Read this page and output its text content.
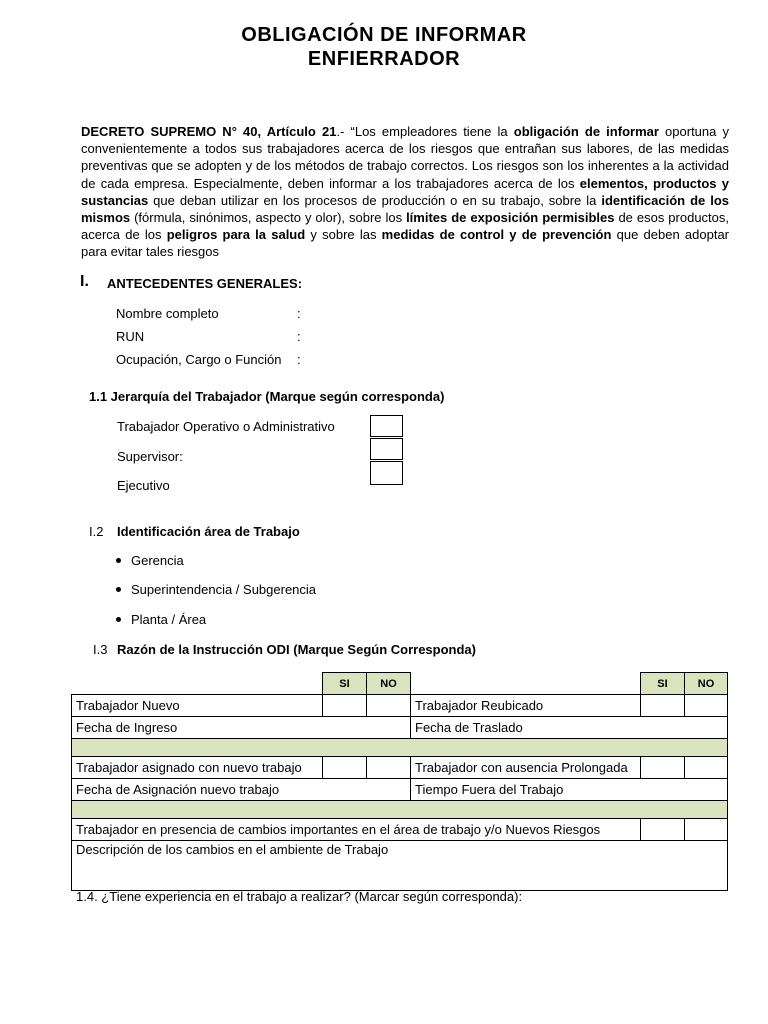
OBLIGACIÓN DE INFORMAR
ENFIERRADOR
DECRETO SUPREMO N° 40, Artículo 21.- “Los empleadores tiene la obligación de informar oportuna y convenientemente a todos sus trabajadores acerca de los riesgos que entrañan sus labores, de las medidas preventivas que se adopten y de los métodos de trabajo correctos. Los riesgos son los inherentes a la actividad de cada empresa. Especialmente, deben informar a los trabajadores acerca de los elementos, productos y sustancias que deban utilizar en los procesos de producción o en su trabajo, sobre la identificación de los mismos (fórmula, sinónimos, aspecto y olor), sobre los límites de exposición permisibles de esos productos, acerca de los peligros para la salud y sobre las medidas de control y de prevención que deben adoptar para evitar tales riesgos
I. ANTECEDENTES GENERALES:
Nombre completo	:
RUN	:
Ocupación, Cargo o Función :
1.1 Jerarquía del Trabajador (Marque según corresponda)
Trabajador Operativo o Administrativo
Supervisor:
Ejecutivo
I.2 Identificación área de Trabajo
Gerencia
Superintendencia / Subgerencia
Planta / Área
I.3 Razón de la Instrucción ODI (Marque Según Corresponda)
	SI	NO		SI	NO
Trabajador Nuevo			Trabajador Reubicado		
Fecha de Ingreso			Fecha de Traslado		

Trabajador asignado con nuevo trabajo			Trabajador con ausencia Prolongada		
Fecha de Asignación nuevo trabajo			Tiempo Fuera del Trabajo		

Trabajador en presencia de cambios importantes en el área de trabajo y/o Nuevos Riesgos					
Descripción de los cambios en el ambiente de Trabajo					
1.4. ¿Tiene experiencia en el trabajo a realizar? (Marcar según corresponda):
